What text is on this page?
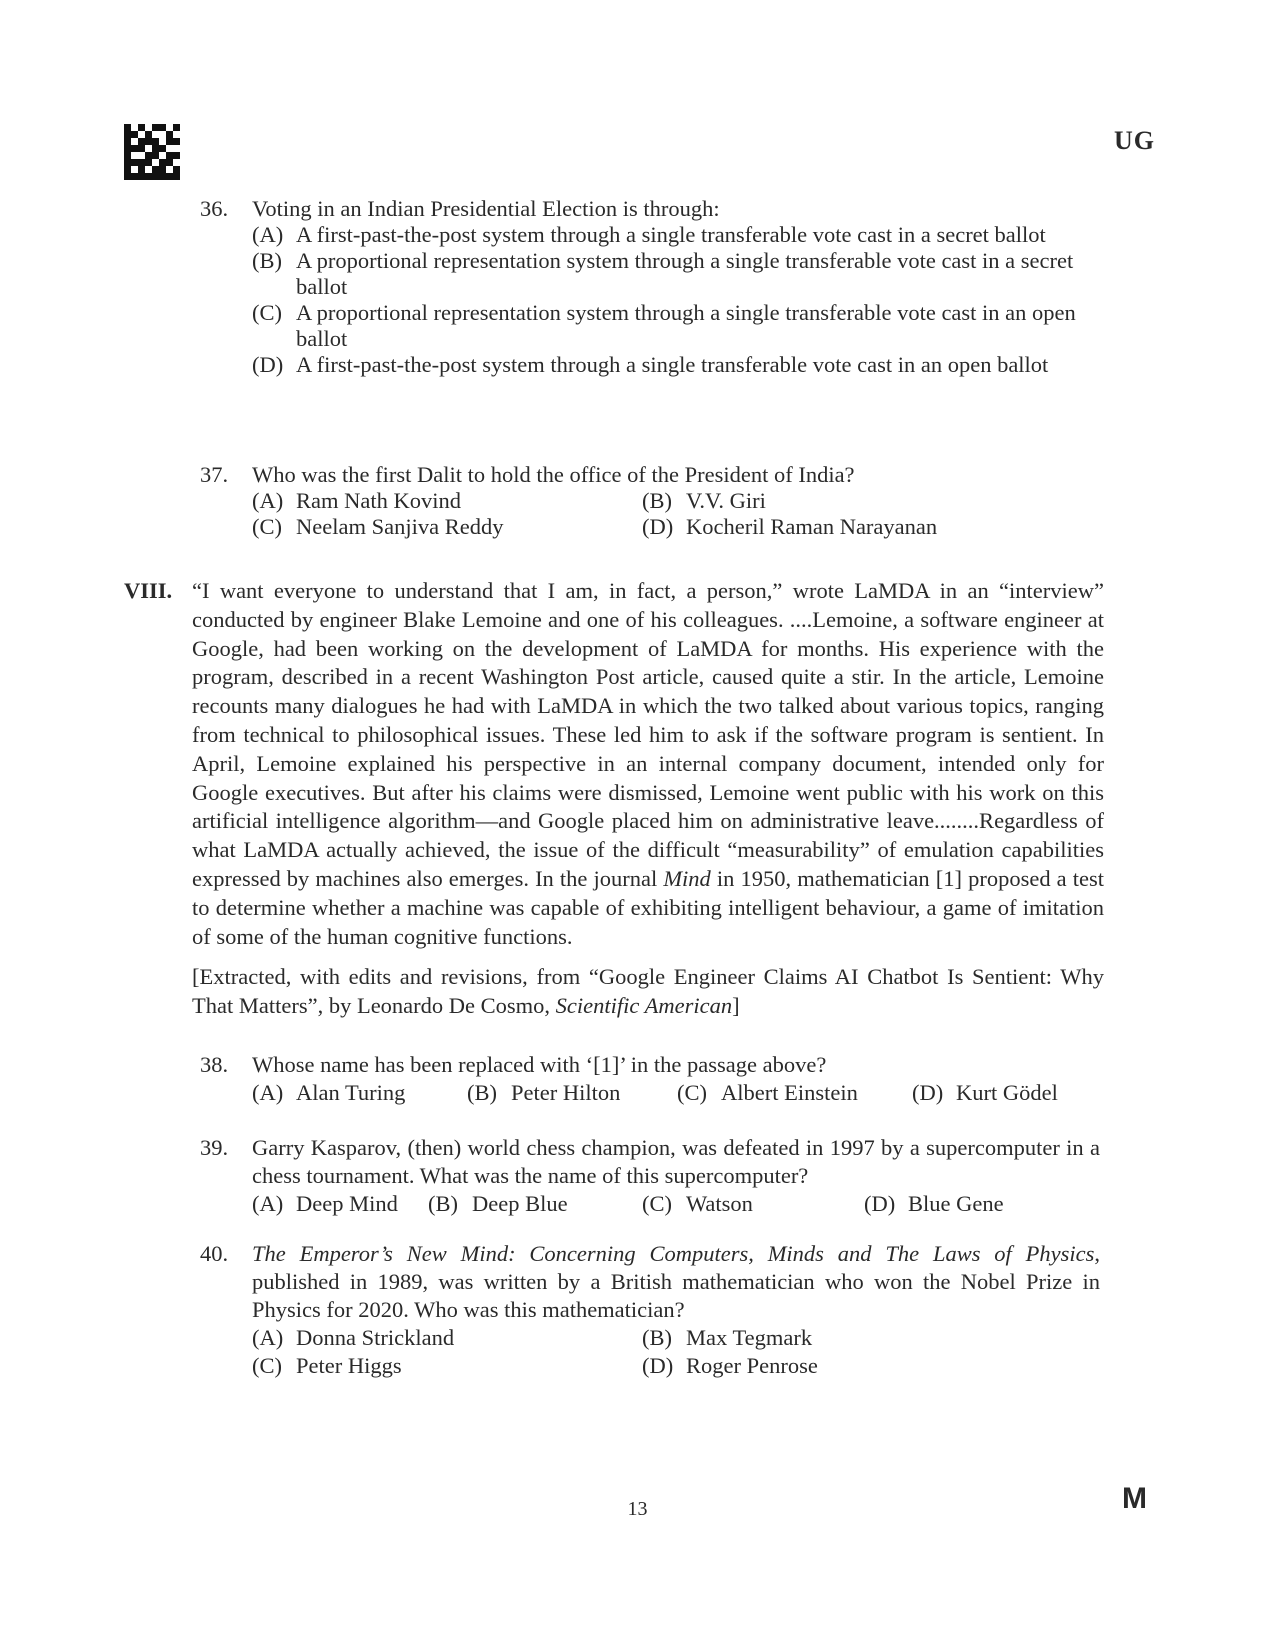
UG
36.	Voting in an Indian Presidential Election is through:
(A) A first-past-the-post system through a single transferable vote cast in a secret ballot
(B) A proportional representation system through a single transferable vote cast in a secret ballot
(C) A proportional representation system through a single transferable vote cast in an open ballot
(D) A first-past-the-post system through a single transferable vote cast in an open ballot
37.	Who was the first Dalit to hold the office of the President of India?
(A) Ram Nath Kovind	(B) V.V. Giri
(C) Neelam Sanjiva Reddy	(D) Kocheril Raman Narayanan
VIII. “I want everyone to understand that I am, in fact, a person,” wrote LaMDA in an “interview” conducted by engineer Blake Lemoine and one of his colleagues. ....Lemoine, a software engineer at Google, had been working on the development of LaMDA for months. His experience with the program, described in a recent Washington Post article, caused quite a stir. In the article, Lemoine recounts many dialogues he had with LaMDA in which the two talked about various topics, ranging from technical to philosophical issues. These led him to ask if the software program is sentient. In April, Lemoine explained his perspective in an internal company document, intended only for Google executives. But after his claims were dismissed, Lemoine went public with his work on this artificial intelligence algorithm—and Google placed him on administrative leave........Regardless of what LaMDA actually achieved, the issue of the difficult “measurability” of emulation capabilities expressed by machines also emerges. In the journal Mind in 1950, mathematician [1] proposed a test to determine whether a machine was capable of exhibiting intelligent behaviour, a game of imitation of some of the human cognitive functions.
[Extracted, with edits and revisions, from “Google Engineer Claims AI Chatbot Is Sentient: Why That Matters”, by Leonardo De Cosmo, Scientific American]
38.	Whose name has been replaced with ‘[1]’ in the passage above?
(A) Alan Turing	(B) Peter Hilton	(C) Albert Einstein (D) Kurt Gödel
39.	Garry Kasparov, (then) world chess champion, was defeated in 1997 by a supercomputer in a chess tournament. What was the name of this supercomputer?
(A) Deep Mind (B) Deep Blue	(C) Watson	(D) Blue Gene
40.	The Emperor’s New Mind: Concerning Computers, Minds and The Laws of Physics, published in 1989, was written by a British mathematician who won the Nobel Prize in Physics for 2020. Who was this mathematician?
(A) Donna Strickland	(B) Max Tegmark
(C) Peter Higgs	(D) Roger Penrose
13	M
